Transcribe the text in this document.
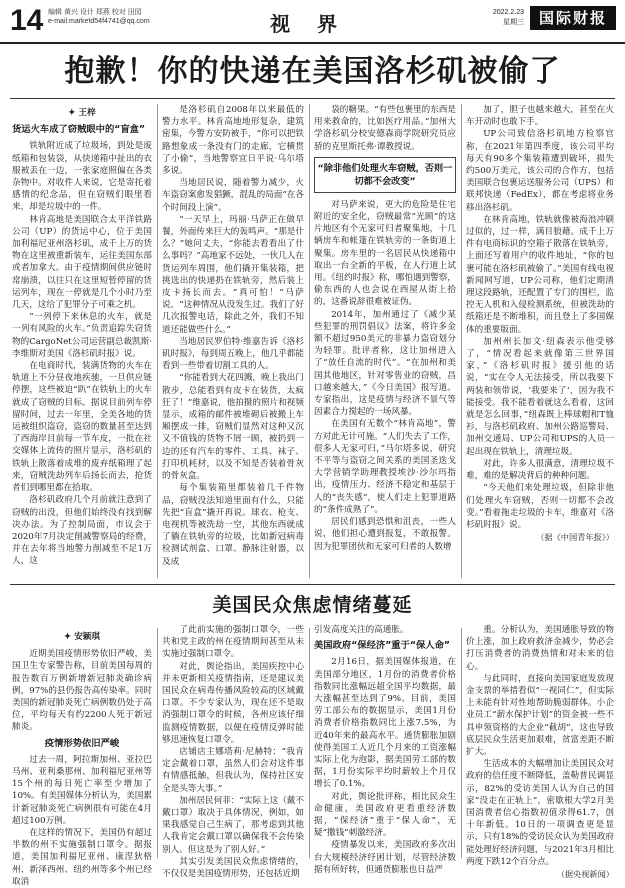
14 编辑 黄兴 设计 郑燕 校对 田园
e-mail:marketd54f4741@qq.com	视 界	2022.2.23
星期三 国际财报
抱歉！你的快递在美国洛杉矶被偷了
✦ 王梓
货运火车成了窃贼眼中的“盲盒”

铁轨附近成了垃圾场，到处是废纸箱和包装袋，从快递箱中扯出的衣服被丢在一边，一张家庭照偏在各类杂物中。对收件人来说，它是寄托着感情的纪念品，但在窃贼们眼里看来，却是垃圾中的一件。

林肯高地是美国联合太平洋铁路公司（UP）的货运中心，位于美国加利福尼亚州洛杉矶，成千上万的货物在这里被重新装车，运往美国东部或者加拿大。由于疫情期间供应链时常崩溃，以往只在这里短暂停留的货运列车，现在一停就是几个小时乃至几天，这给了犯罪分子可乘之机。

“一列停下来休息的火车，就是一列有风险的火车。”负责追踪失窃货物的CargoNet公司运营副总裁凯斯·李维斯对美国《洛杉矶时报》说。

在电商时代，装满货物的火车在轨道上不分昼夜地疾驰，一旦供应链停摆，这些被迫“趴”在铁轨上的火车就成了窃贼的目标。据说目前列车停留时间，过去一年里，全美各地的货运被组织盗窃，盗窃的数量甚至达到了西海岸目前每一节车皮，一批在社交媒体上流传的照片显示，洛杉矶的铁轨上散落着成堆的废弃纸箱理了起来，窃贼洗劫列车后扬长而去，抢货者们到哪里都在拾取。

洛杉矶政府几个月前就注意到了窃贼的出没，但他们始终没有找到解决办法。为了控制局面，市议会于2020年7月决定削减警察局的经费，并在去年将当地警力削减至不足1万人，这

是洛杉矶自2008年以来最低的警力水平。林肯高地地形复杂，建筑密集，今警方安防被手，“你可以把铁路想象成一条没有门的走廊，它横贯了小偷”，当地警察宜日平说·乌尔塔多说。

当地居民说，随着警力减少，火车盗窃案愈发猖獗，混乱的局面“在各个时间段上演”。

“一天早上，玛丽·马萨正在做早餐，外面传来巨大的轰鸣声。“那是什么？”她问丈夫，“你能去看看出了什么事吗？”高地家不远处，一伙几人在货运列车周围，他们撬开集装箱，把挑选出的快递扔在铁轨旁，然后装上皮卡扬长而去。“真可怕！”马萨说，“这种情况从没发生过。我们了好几次报警电话，除此之外，我们不知道还能做些什么。”

当地居民罗伯特·维嘉告诉《洛杉矶时报》，每到周五晚上，他几乎都能看到一些带着切割工具的人。

“你能看到大花四溅，晚上我出门散步，总能看到有皮卡在装货，太疯狂了！”维嘉说，他拍摄的照片和视频显示，成箱的邮件被堆砌后被搬上车厢摆成一排，窃贼们显然对这种又沉又不值钱的货物不屑一顾，被扔到一边的还有汽车的零件、工具、袜子、打印机耗材，以及不知是否装着骨灰的骨灰盒。

每个集装箱里都装着几千件物品，窃贼没法知道里面有什么，只能先把“盲盒”撬开再说。球衣、枪支、电视机等被洗劫一空，其他东西就成了躺在铁轨旁的垃圾，比如新冠病毒检测试剂盒、口罩、静脉注射器，以及成

袋的糖果。“有些包裹里的东西是用来救命的，比如医疗用品。”加州大学洛杉矶分校安德森商学院研究员应骄的克里斯托弗·谭教授说。

“除非他们处理火车窃贼，否则一切都不会改变”

对马萨来说，更大的危险是住宅附近的安全化，窃贼最常“光顾”的这片地区有个无家可归者聚集地，十几辆房车和帐篷在铁轨旁的一条街道上聚集。房车里的一名居民从快递箱中取出一台全新的平板，在人行道上试用。《纽约时报》称，哪怕遇到警察，偷东西的人也会说在西屋从街上拾的，这番说辞很难被证伪。

2014年，加州通过了《减少某些犯罪的刑罚倡议》法案，将许多金额不超过950美元的非暴力盗窃划分为轻罪。批评者称，这让加州进入了“放任自流的时代”。“在加州和美国其他地区，针对零售业的窃贼，昌口越来越大，”《今日美国》报写道。专家指出，这是疫情与经济不景气等因素合力搅起的一场风暴。

在美国有无数个“林肯高地”，警方对此无计可施。“人们失去了工作，很多人无家可归，”马尔塔多说，研究不平等与盗窃之间关系的美国圣迭戈大学营销学助理教授埃沙·沙尔玛指出，疫情压力、经济不稳定和基层于人的“丧失感”，使人们走上犯罪道路的“条件成熟了”。

居民们感到恐惧和沮丧，一些人说，他们担心遭到报复，不敢报警。因为犯罪团伙和无家可归者的人数增

加了，胆子也越来越大，甚至在火车开动时也敢下手。

UP公司致信洛杉矶地方检察官称，在2021年第四季度，该公司平均每天有90多个集装箱遭到破坏，损失约500万美元，该公司的合作方，包括美国联合包裹运送服务公司（UPS）和联邦快递（FedEx），都在考虑将业务移出洛杉矶。

在林肯高地，铁轨就像被海浪冲刷过似的，过一样，满目狼藉。成千上万件有电商标识的空箱子散落在铁轨旁，上面还写着用户的收件地址，“你的包裹可能在洛杉矶被偷了。”美国有线电视新闻网写道，UP公司称，他们定期清理这段路轨，还配置了专门的围栏，监控无人机和入侵检测系统，但被洗劫的纸箱还是不断堆积，而且登上了多国媒体的重要版面。

加州州长加文·纽森表示他受够了，“情况看起来就像第三世界国家，”《洛杉矶时报》援引他的话说，“实在令人无法接受，所以我要下两装和领带说，‘我要来了’，因为我不能接受。我不能看着就这么看着，这回就是怎么回事，”纽森既上棒球帽和T恤衫，与洛杉矶政府、加州公路巡警局、加州交通局、UP公司和UPS的人员一起出现在铁轨上，清理垃圾。

对此，许多人很满意，清理垃圾不难，难的是解决背后的种种问题。

“今天他们来处理垃圾，但除非他们处理火车窃贼，否则一切都不会改变。”看着拖走垃圾的卡车，维嘉对《洛杉矶时报》说。

（据《中国青年报》）
美国民众焦虑情绪蔓延
✦ 安颖琪

近期美国疫情形势依旧严峻，美国卫生专家警告称，目前美国每周的报告数百万例新增新冠肺炎确诊病例，97%的县仍报告高传染率。同时美国的新冠肺炎死亡病例数仍处于高位，平均每天有约2200人死于新冠肺炎。

疫情形势依旧严峻

过去一周，阿拉斯加州、亚拉巴马州、亚利桑那州、加利福尼亚州等15个州的每日死亡率至少增加了10%。有美国媒体分析认为，美国累计新冠肺炎死亡病例很有可能在4月超过100万例。

在这样的情况下，美国仍有超过半数的州不实施强制口罩令。据报道，美国加利福尼亚州、康涅狄格州、新泽西州、纽约州等多个州已经取消

了此前实施的强制口罩令，一些共和党主政的州在疫情期间甚至从未实施过强制口罩令。

对此，舆论指出，美国疾控中心并未更新相关疫情指南，还是建议美国民众在病毒传播风险较高的区域戴口罩。不少专家认为，现在还不是取消强制口罩令的时候，各州应该仔细监测疫情数据，以便在疫情反弹时能够迅速恢复口罩令。

店铺店主娜塔莉·尼赫特：“我肯定会戴着口罩，虽然人们会对这件事有情感抵触，但我认为，保持社区安全是头等大事。”

加州居民何菲：“实际上这（戴不戴口罩）取决于具体情况，例如，如果我感觉自己生病了，那考虑到其他人我肯定会戴口罩以确保我不会传染别人。但这是为了别人好。”

其实引发美国民众焦虑情绪的，不仅仅是美国疫情形势，还包括近期

引发高度关注的高通胀。

美国政府“保经济”重于“保人命”

2月16日，据美国媒体报道，在美国部分地区，1月份的消费者价格指数同比涨幅远超全国平均数据，最大涨幅甚至达到了9%。目前，美国劳工部公布的数据显示，美国1月份消费者价格指数同比上涨7.5%，为近40年来的最高水平。通货膨胀加剧使得美国工人近几个月来的工资涨幅实际上化为泡影，据美国劳工部的数据，1月份实际平均时薪较上个月仅增长了0.1%。

对此，舆论批评称，相比民众生命健康，美国政府更看重经济数据，“保经济”重于“保人命”，无疑“撒钱”刺激经济。

疫情暴发以来，美国政府多次出台大规模经济纾困计划，尽管经济数据有所好转，但通货膨胀也日益严

重。分析认为，美国通胀导致的物价上涨，加上政府救济金减少，势必会打压消费者的消费热情和对未来的信心。

与此同时，直接向美国家庭发放现金支票的举措看似“一视同仁”，但实际上未能有针对性地帮助脆弱群体。小企业员工“薪水保护计划”的资金被一些不具申领资格的大企业“截胡”，这也导致底层民众生活更加艰难，贫富差距不断扩大。

生活成本的大幅增加让美国民众对政府的信任度不断降低，盖勒普民调显示，82%的受访美国人认为自己的国家“没走在正轨上”，密歇根大学2月美国消费者信心指数初值录得61.7，创十年新低。10日的一项调查更是显示，只有18%的受访民众认为美国政府能处理好经济问题，与2021年3月相比两度下跌12个百分点。

（据央视新闻）
